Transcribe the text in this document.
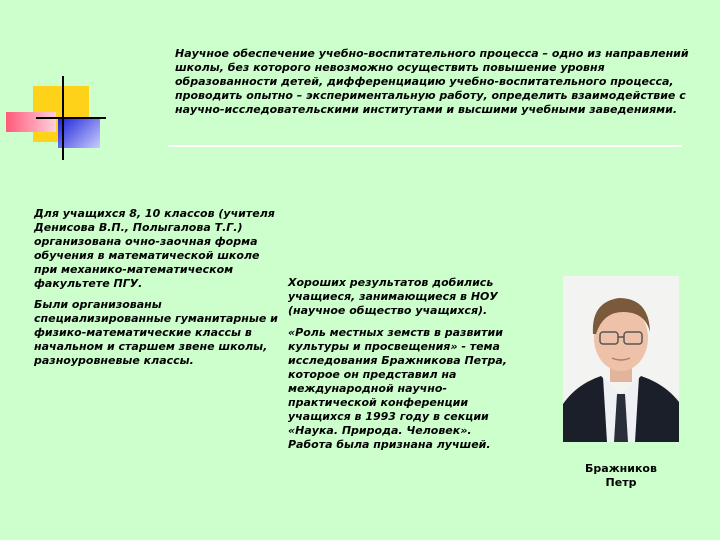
Научное обеспечение учебно-воспитательного процесса – одно из направлений
школы, без которого невозможно осуществить повышение уровня
образованности детей, дифференциацию учебно-воспитательного процесса,
проводить опытно – экспериментальную работу, определить взаимодействие с
научно-исследовательскими институтами и высшими учебными заведениями.

Для учащихся 8, 10 классов (учителя
Денисова В.П., Полыгалова Т.Г.)
организована очно-заочная форма
обучения в математической школе
при механико-математическом
факультете ПГУ.

Были организованы
специализированные гуманитарные и
физико-математические классы в
начальном и старшем звене школы,
разноуровневые классы.

Хороших результатов добились
учащиеся, занимающиеся в НОУ
(научное общество учащихся).

«Роль местных земств в развитии
культуры и просвещения» - тема
исследования Бражникова Петра,
которое он представил на
международной научно-
практической конференции
учащихся в 1993 году в секции
«Наука. Природа. Человек».
Работа была признана лучшей.

Бражников
Петр
